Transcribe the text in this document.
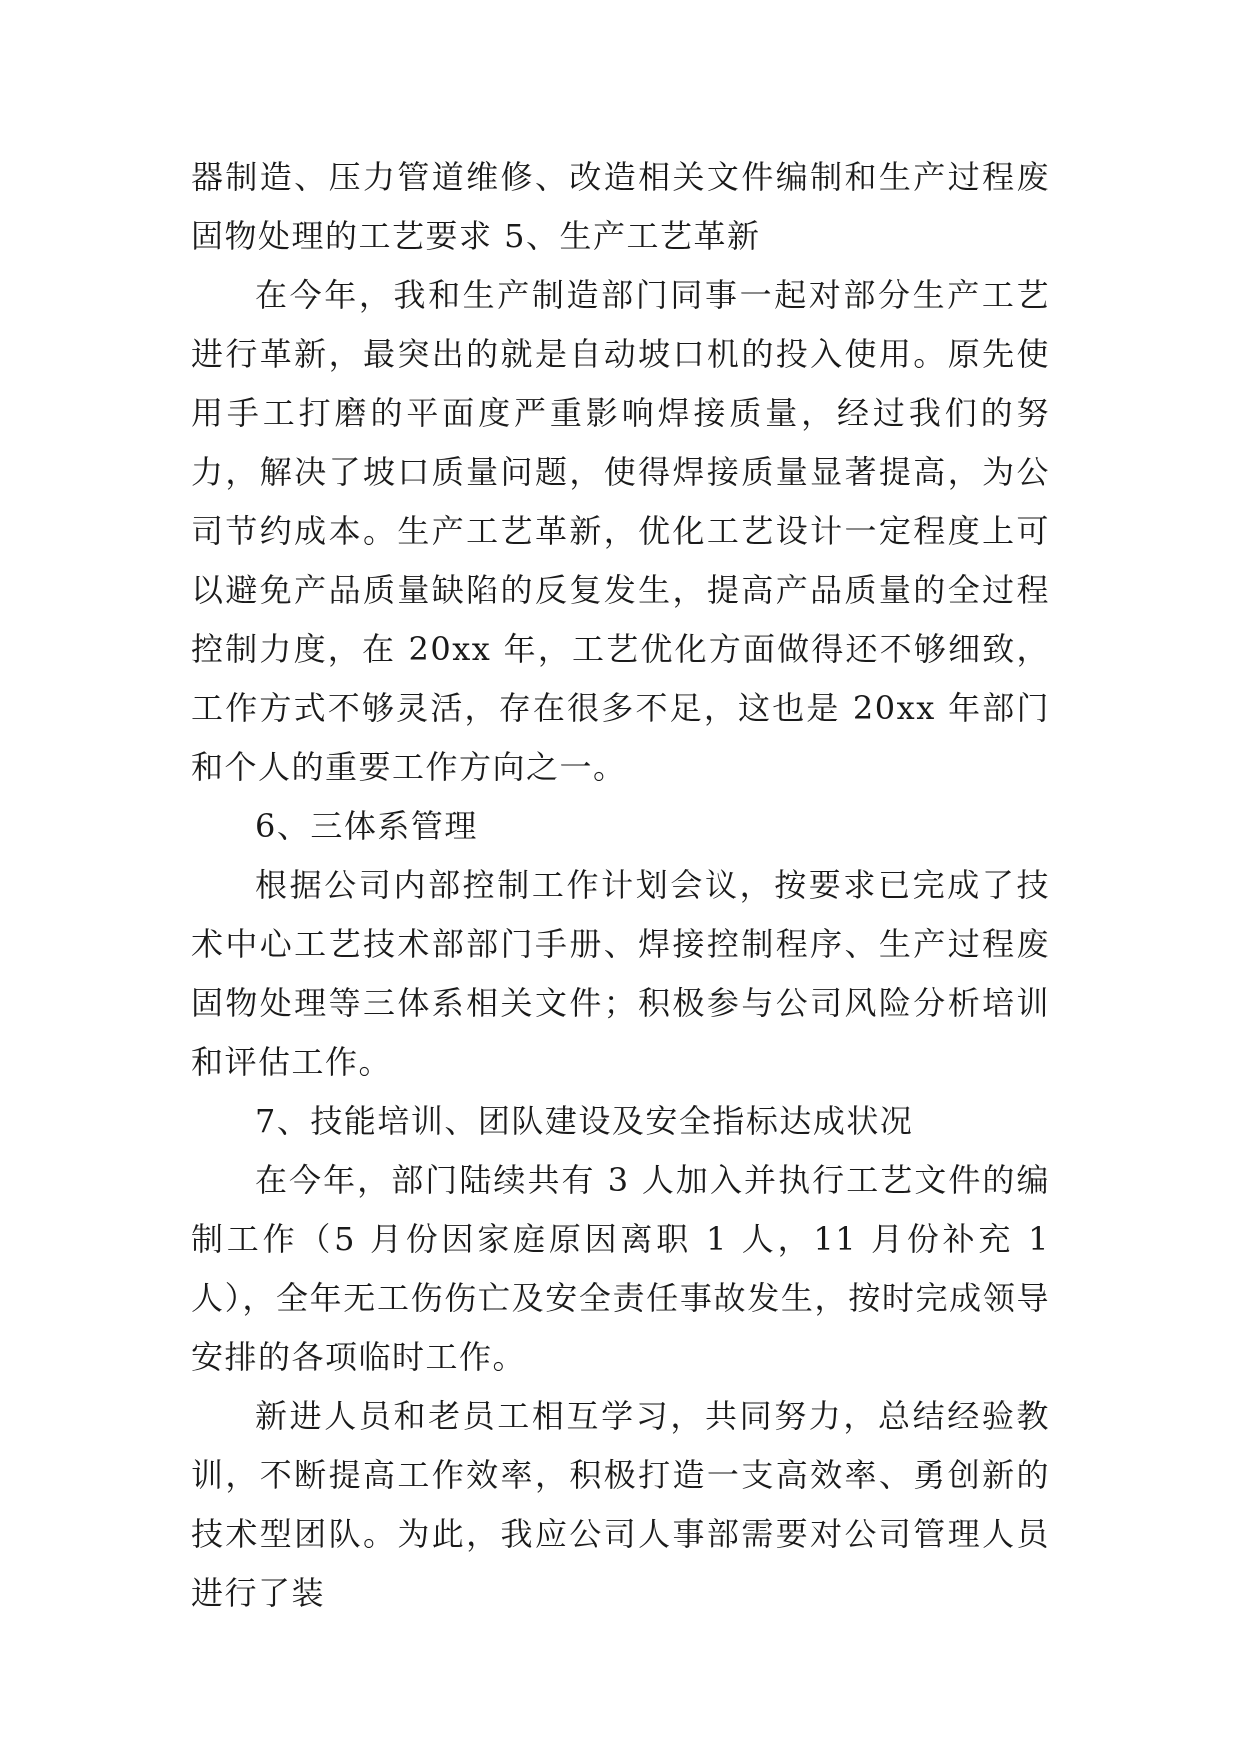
器制造、压力管道维修、改造相关文件编制和生产过程废固物处理的工艺要求 5、生产工艺革新

在今年，我和生产制造部门同事一起对部分生产工艺进行革新，最突出的就是自动坡口机的投入使用。原先使用手工打磨的平面度严重影响焊接质量，经过我们的努力，解决了坡口质量问题，使得焊接质量显著提高，为公司节约成本。生产工艺革新，优化工艺设计一定程度上可以避免产品质量缺陷的反复发生，提高产品质量的全过程控制力度，在 20xx 年，工艺优化方面做得还不够细致，工作方式不够灵活，存在很多不足，这也是 20xx 年部门和个人的重要工作方向之一。

6、三体系管理

根据公司内部控制工作计划会议，按要求已完成了技术中心工艺技术部部门手册、焊接控制程序、生产过程废固物处理等三体系相关文件；积极参与公司风险分析培训和评估工作。

7、技能培训、团队建设及安全指标达成状况

在今年，部门陆续共有 3 人加入并执行工艺文件的编制工作（5 月份因家庭原因离职 1 人，11 月份补充 1 人），全年无工伤伤亡及安全责任事故发生，按时完成领导安排的各项临时工作。

新进人员和老员工相互学习，共同努力，总结经验教训，不断提高工作效率，积极打造一支高效率、勇创新的技术型团队。为此，我应公司人事部需要对公司管理人员进行了装
